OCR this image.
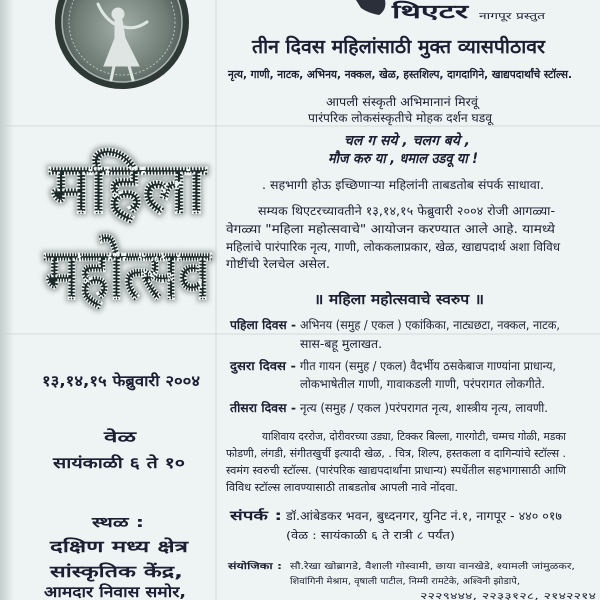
थिएटर	नागपूर प्रस्तुत
तीन दिवस महिलांसाठी मुक्त व्यासपीठावर
नृत्य, गाणी, नाटक, अभिनय, नक्कल, खेळ, हस्तशिल्प, दागदागिने, खाद्यपदार्थांचे स्टॉल्स.
आपली संस्कृती अभिमानानं मिरवूं
पारंपरिक लोकसंस्कृतीचे मोहक दर्शन घडवू
चल ग सये , चलग बये ,
मौज करु या , धमाल उडवू या !
. सहभागी होऊ इच्छिणाऱ्या महिलांनी ताबडतोब संपर्क साधावा.
सम्यक थिएटरच्यावतीने १३,१४,१५ फेब्रुवारी २००४ रोजी आगळ्या-
वेगळ्या "महिला महोत्सवाचे" आयोजन करण्यात आले आहे. यामध्ये
महिलांचे पारंपारिक नृत्य, गाणी, लोककलाप्रकार, खेळ, खाद्यपदार्थ अशा विविध
गोष्टींची रेलचेल असेल.
॥ महिला महोत्सवाचे स्वरुप ॥
पहिला दिवस - अभिनय (समुह / एकल ) एकांकिका, नाट्यछटा, नक्कल, नाटक,
सास-बहू मुलाखत.
दुसरा दिवस - गीत गायन (समुह / एकल) वैदर्भीय ठसकेबाज गाण्यांना प्राधान्य,
लोकभाषेतील गाणी, गावाकडली गाणी, परंपरागत लोकगीते.
तीसरा दिवस - नृत्य (समुह / एकल )परंपरागत नृत्य, शास्त्रीय नृत्य, लावणी.
याशिवाय दररोज, दोरीवरच्या उड्या, टिक्कर बिल्ला, गारगोटी, चम्मच गोळी, मडका
फोडणी, लंगडी, संगीतखुर्ची इत्यादी खेळ, . चित्र, शिल्प, हस्तकला व दागिन्यांचे स्टॉल्स .
स्वमंग स्वरुची स्टॉल्स. (पारंपरिक खाद्यपदार्थांना प्राधान्य) स्पर्धेतील सहभागासाठी आणि
विविध स्टॉल्स लावण्यासाठी ताबडतोब आपली नावे नोंदवा.
संपर्क :	डॉ.आंबेडकर भवन, बुध्दनगर, युनिट नं.१, नागपूर - ४४० ०१७
(वेळ : सायंकाळी ६ ते रात्री ८ पर्यंत)
संयोजिका :	सौ.रेखा खोब्रागडे, वैशाली गोस्वामी, छाया वानखेडे, श्यामली जांमुळकर,
शिवांगिनी मेश्राम, वृषाली पाटील, निम्मी रामटेके, अश्विनी झोडापे,
२२२९४४४, २२३३१२८, २१४२२१४
महिला
महोत्सव
१३,१४,१५ फेब्रुवारी २००४
वेळ
सायंकाळी ६ ते १०
स्थळ :
दक्षिण मध्य क्षेत्र
सांस्कृतिक केंद्र,
आमदार निवास समोर,
